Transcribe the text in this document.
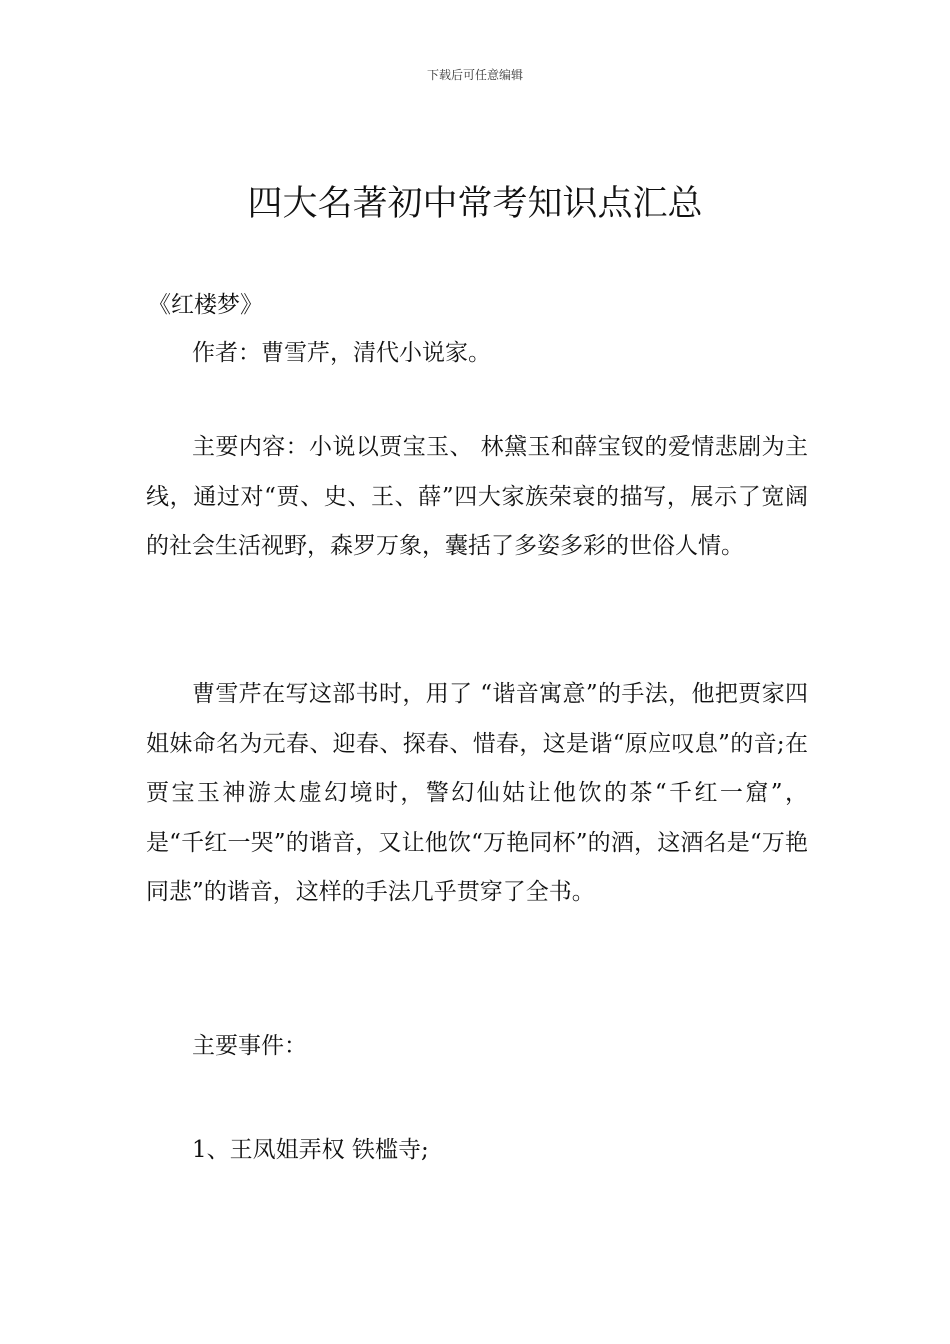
下载后可任意编辑
四大名著初中常考知识点汇总
《红楼梦》

作者：曹雪芹，清代小说家。

主要内容：小说以贾宝玉、 林黛玉和薛宝钗的爱情悲剧为主线，通过对“贾、史、王、薛”四大家族荣衰的描写，展示了宽阔的社会生活视野，森罗万象，囊括了多姿多彩的世俗人情。

曹雪芹在写这部书时，用了 “谐音寓意”的手法，他把贾家四姐妹命名为元春、迎春、探春、惜春，这是谐“原应叹息”的音;在贾宝玉神游太虚幻境时，警幻仙姑让他饮的茶“千红一窟”， 是“千红一哭”的谐音，又让他饮“万艳同杯”的酒，这酒名是“万艳同悲”的谐音，这样的手法几乎贯穿了全书。

主要事件：

1、王凤姐弄权 铁槛寺;
